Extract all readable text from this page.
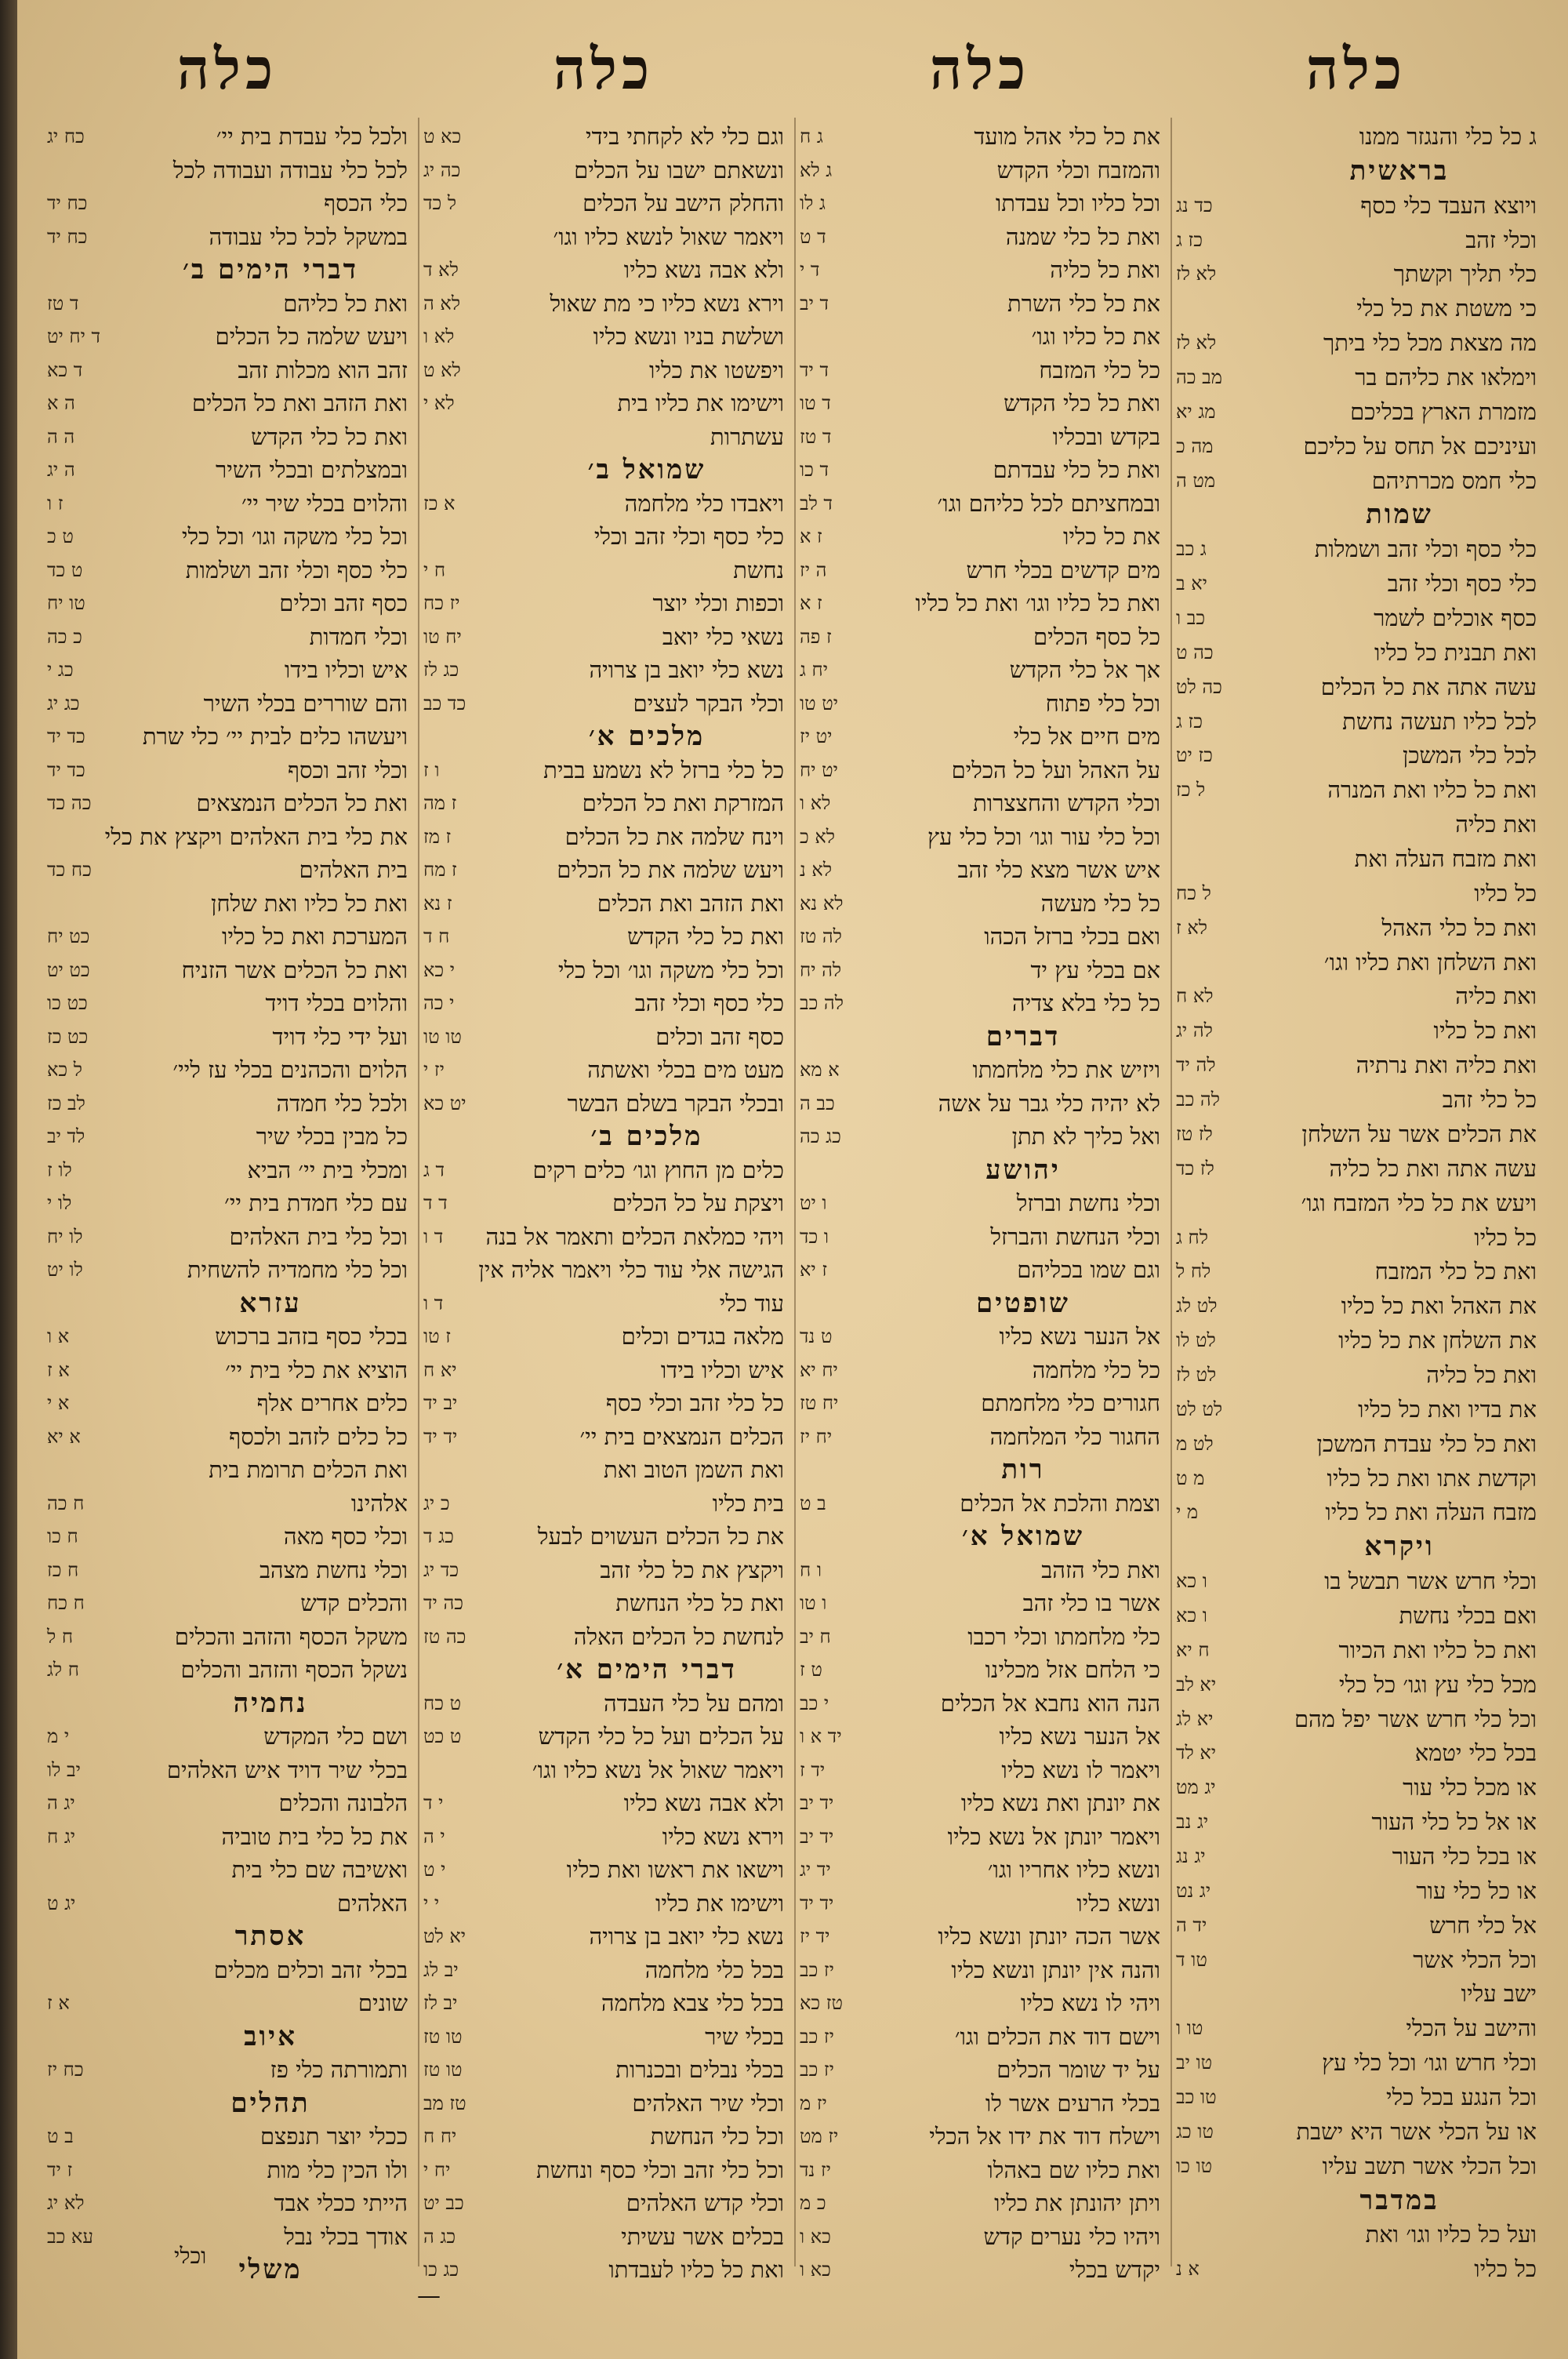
כלה
ג כל כלי והנגזר ממנו
בראשית
ויוצא העבד כלי כסף
כד נג
וכלי זהב
כז ג
כלי תליך וקשתך
לא לז
כי משטת את כל כלי
מה מצאת מכל כלי ביתך
לא לז
וימלאו את כליהם בר
מב כה
מזמרת הארץ בכליכם
מג יא
ועיניכם אל תחס על כליכם
מה כ
כלי חמס מכרתיהם
מט ה
שמות
כלי כסף וכלי זהב ושמלות
ג כב
כלי כסף וכלי זהב
יא ב
כסף אוכלים לשמר
כב ו
ואת תבנית כל כליו
כה ט
עשה אתה את כל הכלים
כה לט
לכל כליו תעשה נחשת
כז ג
לכל כלי המשכן
כז יט
ואת כל כליו ואת המנרה
ל כז
ואת כליה
ואת מזבח העלה ואת
כל כליו
ל כח
ואת כל כלי האהל
לא ז
ואת השלחן ואת כליו וגו׳
ואת כליה
לא ח
ואת כל כליו
לה יג
ואת כליה ואת נרתיה
לה יד
כל כלי זהב
לה כב
את הכלים אשר על השלחן
לז טז
עשה אתה ואת כל כליה
לז כד
ויעש את כל כלי המזבח וגו׳
כל כליו
לח ג
ואת כל כלי המזבח
לח ל
את האהל ואת כל כליו
לט לג
את השלחן את כל כליו
לט לו
ואת כל כליה
לט לז
את בדיו ואת כל כליו
לט לט
ואת כל כלי עבדת המשכן
לט מ
וקדשת אתו ואת כל כליו
מ ט
מזבח העלה ואת כל כליו
מ י
ויקרא
וכלי חרש אשר תבשל בו
ו כא
ואם בכלי נחשת
ו כא
ואת כל כליו ואת הכיור
ח יא
מכל כלי עץ וגו׳ כל כלי
יא לב
וכל כלי חרש אשר יפל מהם
יא לג
בכל כלי יטמא
יא לד
או מכל כלי עור
יג מט
או אל כל כלי העור
יג נב
או בכל כלי העור
יג נג
או כל כלי עור
יג נט
אל כלי חרש
יד ה
וכל הכלי אשר
טו ד
ישב עליו
והישב על הכלי
טו ו
וכלי חרש וגו׳ וכל כלי עץ
טו יב
וכל הנגע בכל כלי
טו כב
או על הכלי אשר היא ישבת
טו כג
וכל הכלי אשר תשב עליו
טו כו
במדבר
ועל כל כליו וגו׳ ואת
כל כליו
א נ
כלה
את כל כלי אהל מועד
ג ח
והמזבח וכלי הקדש
ג לא
וכל כליו וכל עבדתו
ג לו
ואת כל כלי שמנה
ד ט
ואת כל כליה
ד י
את כל כלי השרת
ד יב
את כל כליו וגו׳
כל כלי המזבח
ד יד
ואת כל כלי הקדש
ד טו
בקדש ובכליו
ד טז
ואת כל כלי עבדתם
ד כו
ובמחציתם לכל כליהם וגו׳
ד לב
את כל כליו
ז א
מים קדשים בכלי חרש
ה יז
ואת כל כליו וגו׳ ואת כל כליו
ז א
כל כסף הכלים
ז פה
אך אל כלי הקדש
יח ג
וכל כלי פתוח
יט טו
מים חיים אל כלי
יט יז
על האהל ועל כל הכלים
יט יח
וכלי הקדש והחצצרות
לא ו
וכל כלי עור וגו׳ וכל כלי עץ
לא כ
איש אשר מצא כלי זהב
לא נ
כל כלי מעשה
לא נא
ואם בכלי ברזל הכהו
לה טז
אם בכלי עץ יד
לה יח
כל כלי בלא צדיה
לה כב
דברים
ויזיש את כלי מלחמתו
א מא
לא יהיה כלי גבר על אשה
כב ה
ואל כליך לא תתן
כג כה
יהושע
וכלי נחשת וברזל
ו יט
וכלי הנחשת והברזל
ו כד
וגם שמו בכליהם
ז יא
שופטים
אל הנער נשא כליו
ט נד
כל כלי מלחמה
יח יא
חגורים כלי מלחמתם
יח טז
החגור כלי המלחמה
יח יז
רות
וצמת והלכת אל הכלים
ב ט
שמואל א׳
ואת כלי הזהב
ו ח
אשר בו כלי זהב
ו טו
כלי מלחמתו וכלי רכבו
ח יב
כי הלחם אזל מכלינו
ט ז
הנה הוא נחבא אל הכלים
י כב
אל הנער נשא כליו
יד א ו
ויאמר לו נשא כליו
יד ז
את יונתן ואת נשא כליו
יד יב
ויאמר יונתן אל נשא כליו
יד יב
ונשא כליו אחריו וגו׳
יד יג
ונשא כליו
יד יד
אשר הכה יונתן ונשא כליו
יד יז
והנה אין יונתן ונשא כליו
יז כב
ויהי לו נשא כליו
טז כא
וישם דוד את הכלים וגו׳
יז כב
על יד שומר הכלים
יז כב
בכלי הרעים אשר לו
יז מ
וישלח דוד את ידו אל הכלי
יז מט
ואת כליו שם באהלו
יז נד
ויתן יהונתן את כליו
כ מ
ויהיו כלי נערים קדש
כא ו
יקדש בכלי
כא ו
כלה
וגם כלי לא לקחתי בידי
כא ט
ונשאתם ישבו על הכלים
כה יג
והחלק הישב על הכלים
ל כד
ויאמר שאול לנשא כליו וגו׳
ולא אבה נשא כליו
לא ד
וירא נשא כליו כי מת שאול
לא ה
ושלשת בניו ונשא כליו
לא ו
ויפשטו את כליו
לא ט
וישימו את כליו בית
לא י
עשתרות
שמואל ב׳
ויאבדו כלי מלחמה
א כז
כלי כסף וכלי זהב וכלי
נחשת
ח י
וכפות וכלי יוצר
יז כח
נשאי כלי יואב
יח טו
נשא כלי יואב בן צרויה
כג לז
וכלי הבקר לעצים
כד כב
מלכים א׳
כל כלי ברזל לא נשמע בבית
ו ז
המזרקת ואת כל הכלים
ז מה
וינח שלמה את כל הכלים
ז מז
ויעש שלמה את כל הכלים
ז מח
ואת הזהב ואת הכלים
ז נא
ואת כל כלי הקדש
ח ד
וכל כלי משקה וגו׳ וכל כלי
י כא
כלי כסף וכלי זהב
י כה
כסף זהב וכלים
טו טו
מעט מים בכלי ואשתה
יז י
ובכלי הבקר בשלם הבשר
יט כא
מלכים ב׳
כלים מן החוץ וגו׳ כלים רקים
ד ג
ויצקת על כל הכלים
ד ד
ויהי כמלאת הכלים ותאמר אל בנה
ד ו
הגישה אלי עוד כלי ויאמר אליה אין
עוד כלי
ד ו
מלאה בגדים וכלים
ז טו
איש וכליו בידו
יא ח
כל כלי זהב וכלי כסף
יב יד
הכלים הנמצאים בית יי׳
יד יד
ואת השמן הטוב ואת
בית כליו
כ יג
את כל הכלים העשוים לבעל
כג ד
ויקצץ את כל כלי זהב
כד יג
ואת כל כלי הנחשת
כה יד
לנחשת כל הכלים האלה
כה טז
דברי הימים א׳
ומהם על כלי העבדה
ט כח
על הכלים ועל כל כלי הקדש
ט כט
ויאמר שאול אל נשא כליו וגו׳
ולא אבה נשא כליו
י ד
וירא נשא כליו
י ה
וישאו את ראשו ואת כליו
י ט
וישימו את כליו
י י
נשא כלי יואב בן צרויה
יא לט
בכל כלי מלחמה
יב לג
בכל כלי צבא מלחמה
יב לז
בכלי שיר
טו טז
בכלי נבלים ובכנרות
טו טז
וכלי שיר האלהים
טז מב
וכל כלי הנחשת
יח ח
וכל כלי זהב וכלי כסף ונחשת
יח י
וכלי קדש האלהים
כב יט
בכלים אשר עשיתי
כג ה
ואת כל כליו לעבדתו
כג כו
כלה
ולכל כלי עבדת בית יי׳
כח יג
לכל כלי עבודה ועבודה לכל
כלי הכסף
כח יד
במשקל לכל כלי עבודה
כח יד
דברי הימים ב׳
ואת כל כליהם
ד טז
ויעש שלמה כל הכלים
ד יח יט
זהב הוא מכלות זהב
ד כא
ואת הזהב ואת כל הכלים
ה א
ואת כל כלי הקדש
ה ה
ובמצלתים ובכלי השיר
ה יג
והלוים בכלי שיר יי׳
ז ו
וכל כלי משקה וגו׳ וכל כלי
ט כ
כלי כסף וכלי זהב ושלמות
ט כד
כסף זהב וכלים
טו יח
וכלי חמדות
כ כה
איש וכליו בידו
כג י
והם שוררים בכלי השיר
כג יג
ויעשהו כלים לבית יי׳ כלי שרת
כד יד
וכלי זהב וכסף
כד יד
ואת כל הכלים הנמצאים
כה כד
את כלי בית האלהים ויקצץ את כלי
בית האלהים
כח כד
ואת כל כליו ואת שלחן
המערכת ואת כל כליו
כט יח
ואת כל הכלים אשר הזניח
כט יט
והלוים בכלי דויד
כט כו
ועל ידי כלי דויד
כט כז
הלוים והכהנים בכלי עז ליי׳
ל כא
ולכל כלי חמדה
לב כז
כל מבין בכלי שיר
לד יב
ומכלי בית יי׳ הביא
לו ז
עם כלי חמדת בית יי׳
לו י
וכל כלי בית האלהים
לו יח
וכל כלי מחמדיה להשחית
לו יט
עזרא
בכלי כסף בזהב ברכוש
א ו
הוציא את כלי בית יי׳
א ז
כלים אחרים אלף
א י
כל כלים לזהב ולכסף
א יא
ואת הכלים תרומת בית
אלהינו
ח כה
וכלי כסף מאה
ח כו
וכלי נחשת מצהב
ח כז
והכלים קדש
ח כח
משקל הכסף והזהב והכלים
ח ל
נשקל הכסף והזהב והכלים
ח לג
נחמיה
ושם כלי המקדש
י מ
בכלי שיר דויד איש האלהים
יב לו
הלבונה והכלים
יג ה
את כל כלי בית טוביה
יג ח
ואשיבה שם כלי בית
האלהים
יג ט
אסתר
בכלי זהב וכלים מכלים
שונים
א ז
איוב
ותמורתה כלי פז
כח יז
תהלים
ככלי יוצר תנפצם
ב ט
ולו הכין כלי מות
ז יד
הייתי ככלי אבד
לא יג
אודך בכלי נבל
עא כב
משלי
—
וכלי
